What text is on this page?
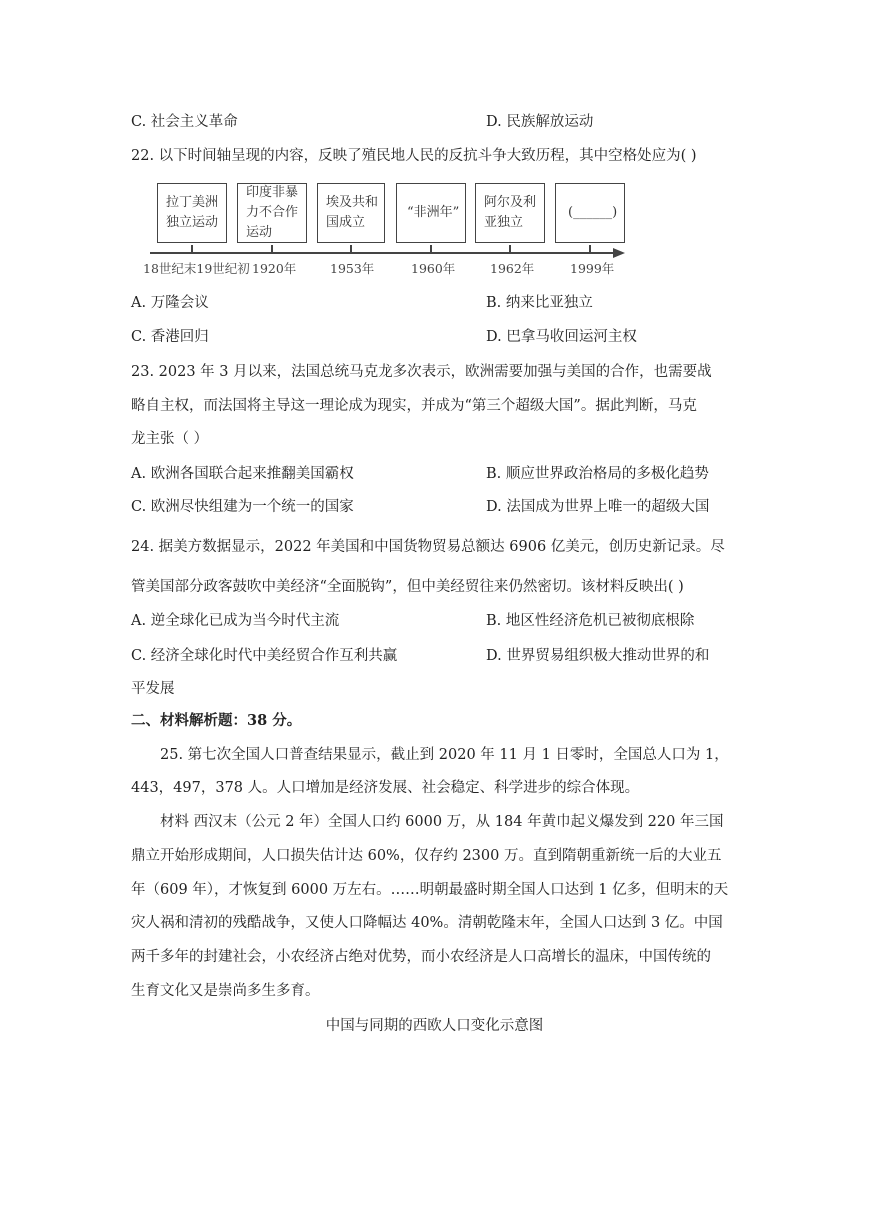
C. 社会主义革命	D. 民族解放运动
22. 以下时间轴呈现的内容，反映了殖民地人民的反抗斗争大致历程，其中空格处应为( )
拉丁美洲
独立运动
印度非暴
力不合作
运动
埃及共和
国成立
“非洲年”
阿尔及利
亚独立
(______)
18世纪末19世纪初 1920年	1953年	1960年	1962年	1999年
A. 万隆会议	B. 纳来比亚独立
C. 香港回归	D. 巴拿马收回运河主权
23. 2023 年 3 月以来，法国总统马克龙多次表示，欧洲需要加强与美国的合作，也需要战
略自主权，而法国将主导这一理论成为现实，并成为“第三个超级大国”。据此判断，马克
龙主张（ ）
A. 欧洲各国联合起来推翻美国霸权	B. 顺应世界政治格局的多极化趋势
C. 欧洲尽快组建为一个统一的国家	D. 法国成为世界上唯一的超级大国
24. 据美方数据显示，2022 年美国和中国货物贸易总额达 6906 亿美元，创历史新记录。尽
管美国部分政客鼓吹中美经济“全面脱钩”，但中美经贸往来仍然密切。该材料反映出( )
A. 逆全球化已成为当今时代主流	B. 地区性经济危机已被彻底根除
C. 经济全球化时代中美经贸合作互利共赢	D. 世界贸易组织极大推动世界的和
平发展
二、材料解析题：38 分。
25. 第七次全国人口普查结果显示，截止到 2020 年 11 月 1 日零时，全国总人口为 1，
443，497，378 人。人口增加是经济发展、社会稳定、科学进步的综合体现。
材料 西汉末（公元 2 年）全国人口约 6000 万，从 184 年黄巾起义爆发到 220 年三国
鼎立开始形成期间，人口损失估计达 60%，仅存约 2300 万。直到隋朝重新统一后的大业五
年（609 年），才恢复到 6000 万左右。……明朝最盛时期全国人口达到 1 亿多，但明末的天
灾人祸和清初的残酷战争，又使人口降幅达 40%。清朝乾隆末年，全国人口达到 3 亿。中国
两千多年的封建社会，小农经济占绝对优势，而小农经济是人口高增长的温床，中国传统的
生育文化又是崇尚多生多育。
中国与同期的西欧人口变化示意图
